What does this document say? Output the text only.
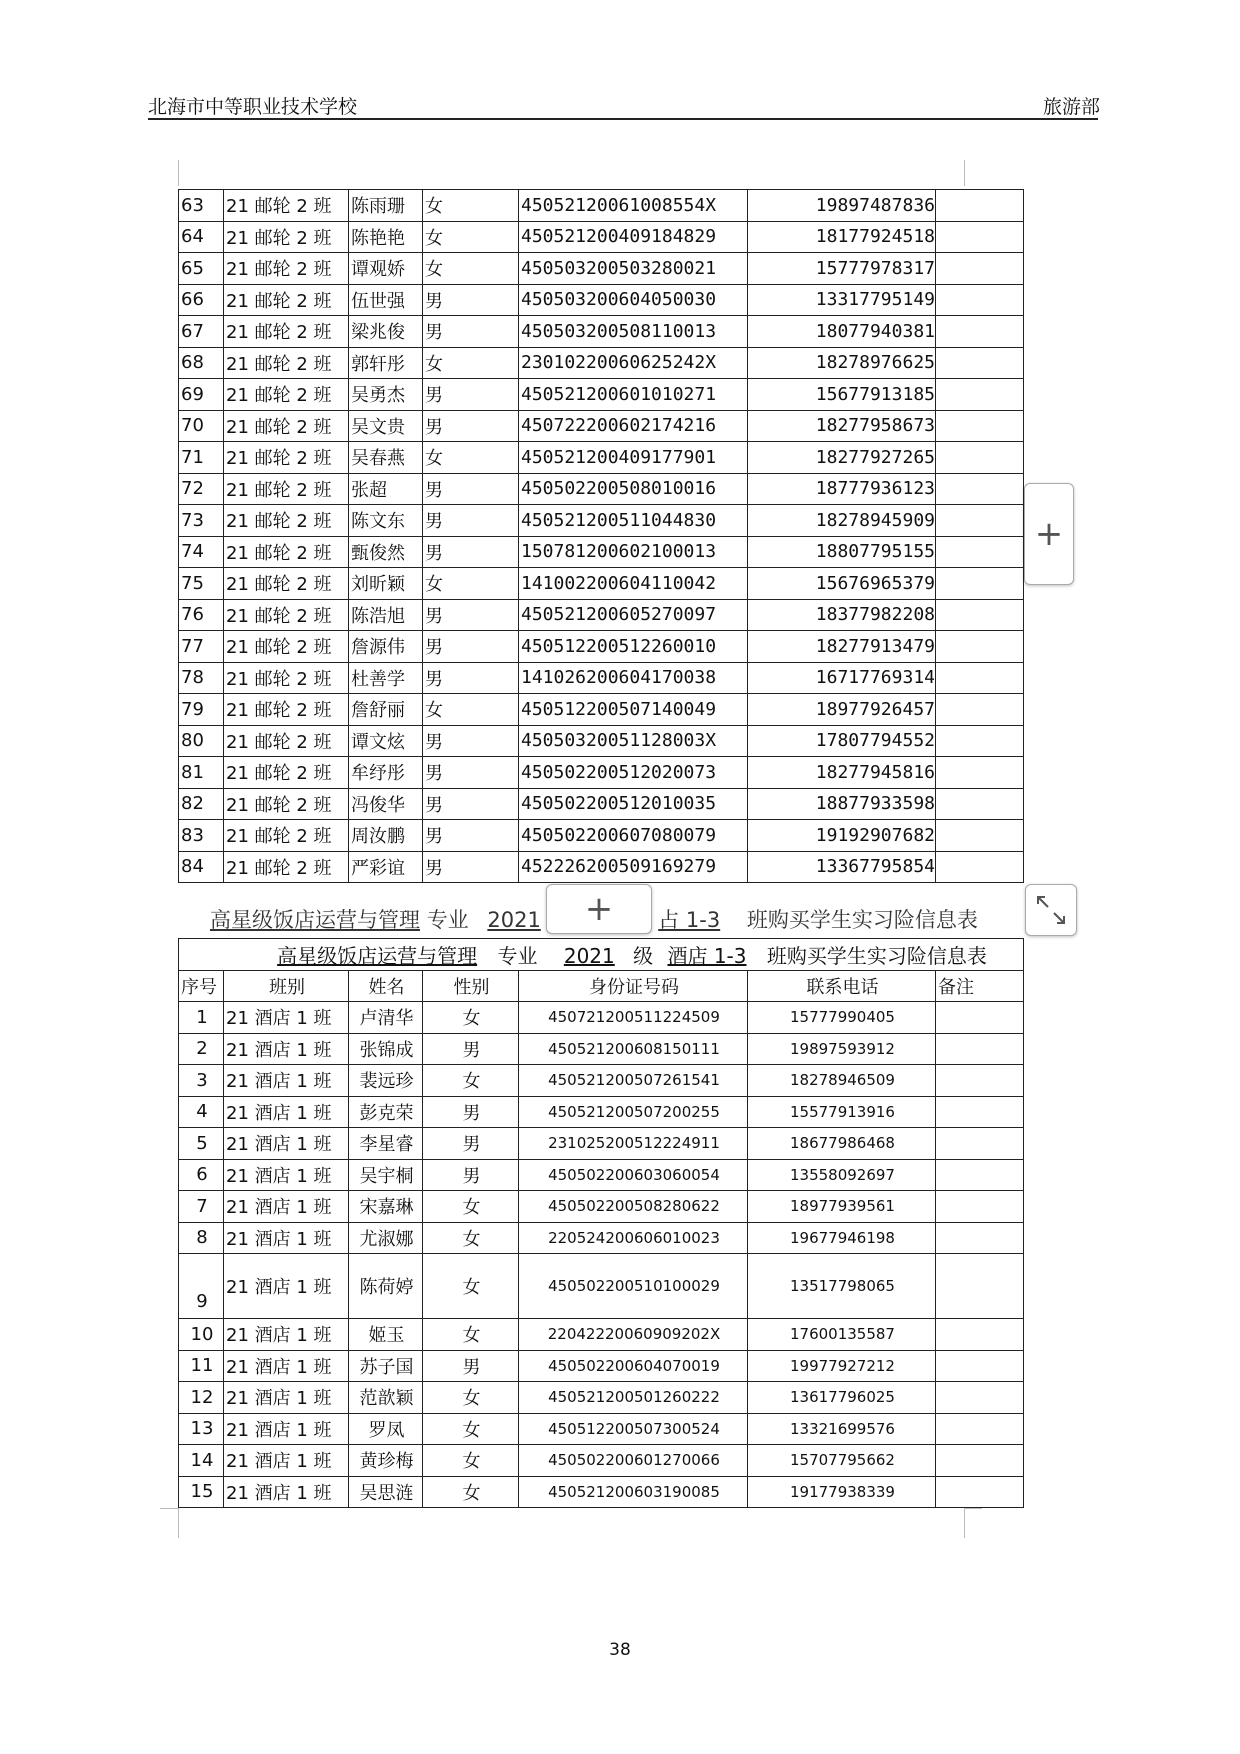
北海市中等职业技术学校	旅游部
63	21 邮轮 2 班	陈雨珊	女	45052120061008554X	19897487836	
64	21 邮轮 2 班	陈艳艳	女	450521200409184829	18177924518	
65	21 邮轮 2 班	谭观娇	女	450503200503280021	15777978317	
66	21 邮轮 2 班	伍世强	男	450503200604050030	13317795149	
67	21 邮轮 2 班	梁兆俊	男	450503200508110013	18077940381	
68	21 邮轮 2 班	郭轩彤	女	23010220060625242X	18278976625	
69	21 邮轮 2 班	吴勇杰	男	450521200601010271	15677913185	
70	21 邮轮 2 班	吴文贵	男	450722200602174216	18277958673	
71	21 邮轮 2 班	吴春燕	女	450521200409177901	18277927265	
72	21 邮轮 2 班	张超	男	450502200508010016	18777936123	
73	21 邮轮 2 班	陈文东	男	450521200511044830	18278945909	
74	21 邮轮 2 班	甄俊然	男	150781200602100013	18807795155	
75	21 邮轮 2 班	刘昕颖	女	141002200604110042	15676965379	
76	21 邮轮 2 班	陈浩旭	男	450521200605270097	18377982208	
77	21 邮轮 2 班	詹源伟	男	450512200512260010	18277913479	
78	21 邮轮 2 班	杜善学	男	141026200604170038	16717769314	
79	21 邮轮 2 班	詹舒丽	女	450512200507140049	18977926457	
80	21 邮轮 2 班	谭文炫	男	45050320051128003X	17807794552	
81	21 邮轮 2 班	牟纾彤	男	450502200512020073	18277945816	
82	21 邮轮 2 班	冯俊华	男	450502200512010035	18877933598	
83	21 邮轮 2 班	周汝鹏	男	450502200607080079	19192907682	
84	21 邮轮 2 班	严彩谊	男	452226200509169279	13367795854	
高星级饭店运营与管理 专业 2021	占 1-3 班购买学生实习险信息表
+
+
高星级饭店运营与管理 专业 2021 级 酒店 1-3 班购买学生实习险信息表						
序号	班别	姓名	性别	身份证号码	联系电话	备注
1	21 酒店 1 班	卢清华	女	450721200511224509	15777990405	
2	21 酒店 1 班	张锦成	男	450521200608150111	19897593912	
3	21 酒店 1 班	裴远珍	女	450521200507261541	18278946509	
4	21 酒店 1 班	彭克荣	男	450521200507200255	15577913916	
5	21 酒店 1 班	李星睿	男	231025200512224911	18677986468	
6	21 酒店 1 班	吴宇桐	男	450502200603060054	13558092697	
7	21 酒店 1 班	宋嘉琳	女	450502200508280622	18977939561	
8	21 酒店 1 班	尤淑娜	女	220524200606010023	19677946198	
9	21 酒店 1 班	陈荷婷	女	450502200510100029	13517798065	
10	21 酒店 1 班	姬玉	女	22042220060909202X	17600135587	
11	21 酒店 1 班	苏子国	男	450502200604070019	19977927212	
12	21 酒店 1 班	范歆颖	女	450521200501260222	13617796025	
13	21 酒店 1 班	罗凤	女	450512200507300524	13321699576	
14	21 酒店 1 班	黄珍梅	女	450502200601270066	15707795662	
15	21 酒店 1 班	吴思涟	女	450521200603190085	19177938339	
38
